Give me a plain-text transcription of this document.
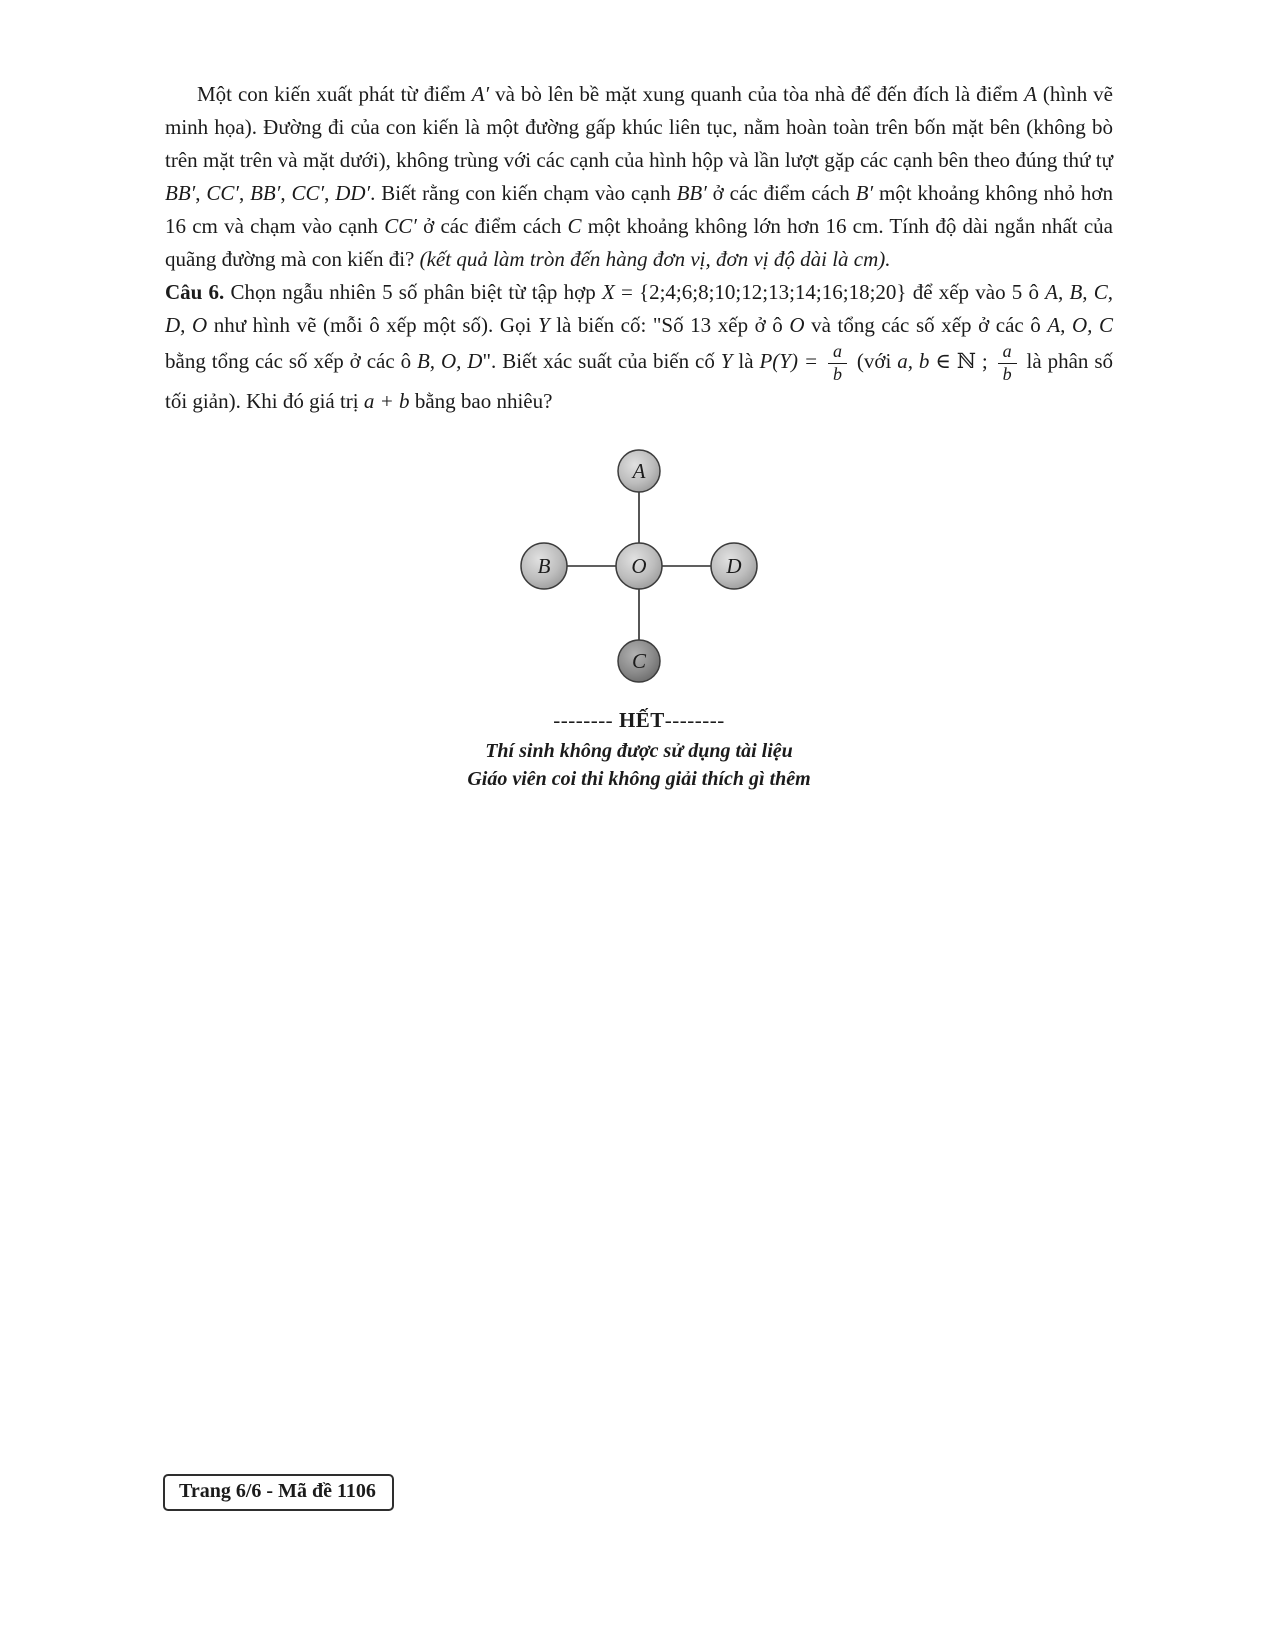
Một con kiến xuất phát từ điểm A′ và bò lên bề mặt xung quanh của tòa nhà để đến đích là điểm A (hình vẽ minh họa). Đường đi của con kiến là một đường gấp khúc liên tục, nằm hoàn toàn trên bốn mặt bên (không bò trên mặt trên và mặt dưới), không trùng với các cạnh của hình hộp và lần lượt gặp các cạnh bên theo đúng thứ tự BB′, CC′, BB′, CC′, DD′. Biết rằng con kiến chạm vào cạnh BB′ ở các điểm cách B′ một khoảng không nhỏ hơn 16 cm và chạm vào cạnh CC′ ở các điểm cách C một khoảng không lớn hơn 16 cm. Tính độ dài ngắn nhất của quãng đường mà con kiến đi? (kết quả làm tròn đến hàng đơn vị, đơn vị độ dài là cm).

Câu 6. Chọn ngẫu nhiên 5 số phân biệt từ tập hợp X = {2;4;6;8;10;12;13;14;16;18;20} để xếp vào 5 ô A, B, C, D, O như hình vẽ (mỗi ô xếp một số). Gọi Y là biến cố: "Số 13 xếp ở ô O và tổng các số xếp ở các ô A, O, C bằng tổng các số xếp ở các ô B, O, D". Biết xác suất của biến cố Y là $P(Y) = \frac{a}{b}$ (với a, b ∈ ℕ ; $\frac{a}{b}$ là phân số tối giản). Khi đó giá trị a + b bằng bao nhiêu?

A
B	O	D
C
-------- HẾT--------
Thí sinh không được sử dụng tài liệu
Giáo viên coi thi không giải thích gì thêm
Trang 6/6 - Mã đề 1106
